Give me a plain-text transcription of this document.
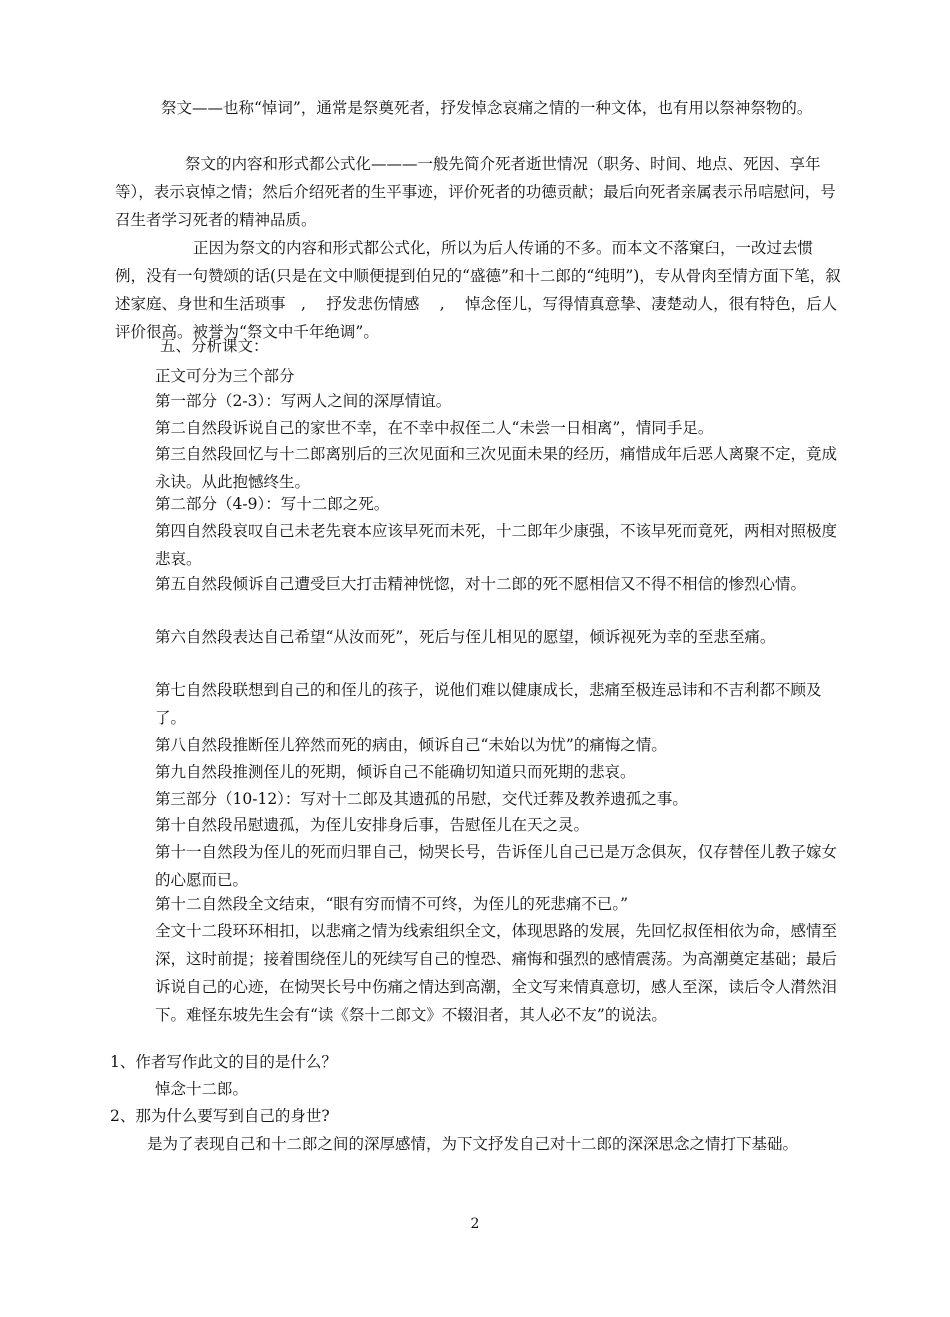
祭文——也称“悼词”，通常是祭奠死者，抒发悼念哀痛之情的一种文体，也有用以祭神祭物的。

祭文的内容和形式都公式化———一般先简介死者逝世情况（职务、时间、地点、死因、享年等），表示哀悼之情；然后介绍死者的生平事迹，评价死者的功德贡献；最后向死者亲属表示吊唁慰问，号召生者学习死者的精神品质。

正因为祭文的内容和形式都公式化，所以为后人传诵的不多。而本文不落窠臼，一改过去惯例，没有一句赞颂的话(只是在文中顺便提到伯兄的“盛德”和十二郎的“纯明”)，专从骨肉至情方面下笔，叙述家庭、身世和生活琐事　,　 抒发悲伤情感　 ,　 悼念侄儿，写得情真意挚、凄楚动人，很有特色，后人评价很高。被誉为“祭文中千年绝调”。

五、分析课文：

正文可分为三个部分

第一部分（2-3）：写两人之间的深厚情谊。

第二自然段诉说自己的家世不幸，在不幸中叔侄二人“未尝一日相离”，情同手足。

第三自然段回忆与十二郎离别后的三次见面和三次见面未果的经历，痛惜成年后恶人离聚不定，竟成永诀。从此抱憾终生。

第二部分（4-9）：写十二郎之死。

第四自然段哀叹自己未老先衰本应该早死而未死，十二郎年少康强，不该早死而竟死，两相对照极度悲哀。

第五自然段倾诉自己遭受巨大打击精神恍惚，对十二郎的死不愿相信又不得不相信的惨烈心情。

第六自然段表达自己希望“从汝而死”，死后与侄儿相见的愿望，倾诉视死为幸的至悲至痛。

第七自然段联想到自己的和侄儿的孩子，说他们难以健康成长，悲痛至极连忌讳和不吉利都不顾及了。

第八自然段推断侄儿猝然而死的病由，倾诉自己“未始以为忧”的痛悔之情。

第九自然段推测侄儿的死期，倾诉自己不能确切知道只而死期的悲哀。

第三部分（10-12）：写对十二郎及其遗孤的吊慰，交代迁葬及教养遗孤之事。

第十自然段吊慰遗孤，为侄儿安排身后事，告慰侄儿在天之灵。

第十一自然段为侄儿的死而归罪自己，恸哭长号，告诉侄儿自己已是万念俱灰，仅存替侄儿教子嫁女的心愿而已。

第十二自然段全文结束，“眼有穷而情不可终，为侄儿的死悲痛不已。”

全文十二段环环相扣，以悲痛之情为线索组织全文，体现思路的发展，先回忆叔侄相依为命，感情至深，这时前提；接着围绕侄儿的死续写自己的惶恐、痛悔和强烈的感情震荡。为高潮奠定基础；最后诉说自己的心迹，在恸哭长号中伤痛之情达到高潮，全文写来情真意切，感人至深，读后令人潸然泪下。难怪东坡先生会有“读《祭十二郎文》不辍泪者，其人必不友”的说法。

1、作者写作此文的目的是什么？

悼念十二郎。

2、那为什么要写到自己的身世?

是为了表现自己和十二郎之间的深厚感情，为下文抒发自己对十二郎的深深思念之情打下基础。

2
